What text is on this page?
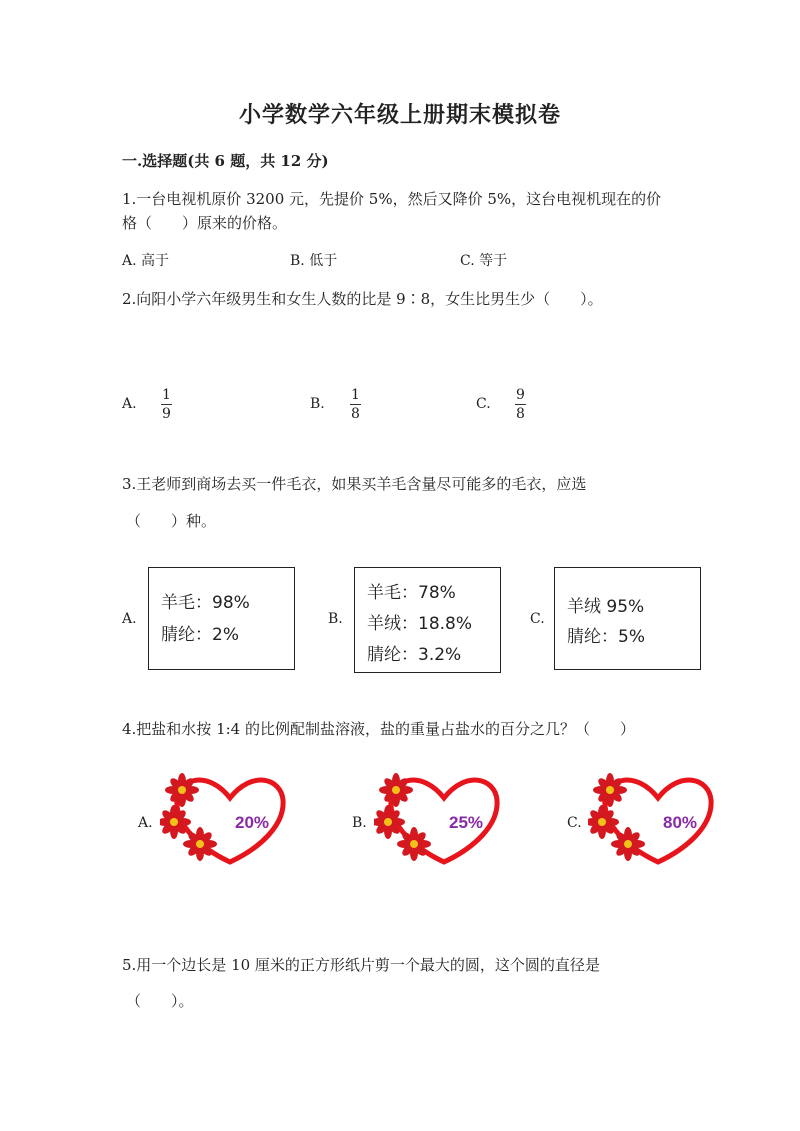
小学数学六年级上册期末模拟卷
一.选择题(共 6 题，共 12 分)
1.一台电视机原价 3200 元，先提价 5%，然后又降价 5%，这台电视机现在的价
格（　　）原来的价格。
A. 高于	B. 低于	C. 等于
2.向阳小学六年级男生和女生人数的比是 9∶8，女生比男生少（　　）。
A.
1
9
B.
1
8
C.
9
8
3.王老师到商场去买一件毛衣，如果买羊毛含量尽可能多的毛衣，应选
（　　）种。
A.
羊毛：98%
腈纶：2%
B.
羊毛：78%
羊绒：18.8%
腈纶：3.2%
C.
羊绒 95%
腈纶：5%
4.把盐和水按 1:4 的比例配制盐溶液，盐的重量占盐水的百分之几？（　　）
A.	20%	B.	25%	C.	80%
5.用一个边长是 10 厘米的正方形纸片剪一个最大的圆，这个圆的直径是
（　　）。
